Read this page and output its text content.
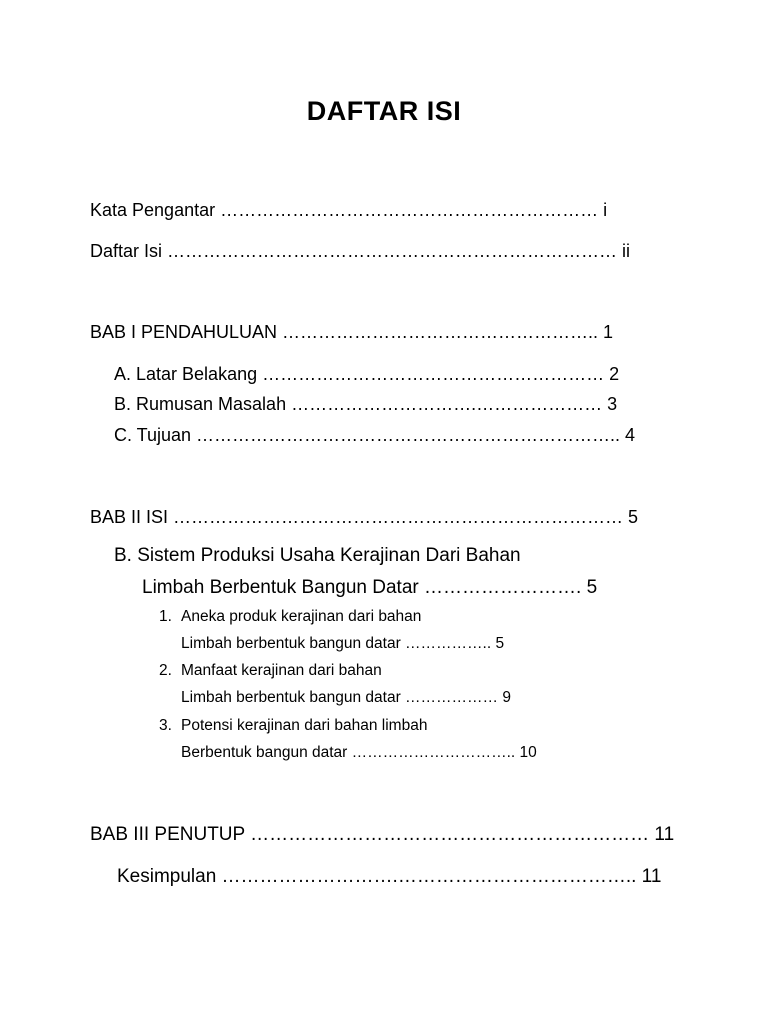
DAFTAR ISI
Kata Pengantar ……………………………………………………… i
Daftar Isi ………………………………………………………………… ii
BAB I PENDAHULUAN …………………………………………….. 1
A. Latar Belakang ………………………………………………… 2
B. Rumusan Masalah ………………………….………………… 3
C. Tujuan …………………………………………………………….. 4
BAB II ISI ………………………………………………………………… 5
B. Sistem Produksi Usaha Kerajinan Dari Bahan
Limbah Berbentuk Bangun Datar ……………………. 5
1. Aneka produk kerajinan dari bahan
Limbah berbentuk bangun datar …………….. 5
2. Manfaat kerajinan dari bahan
Limbah berbentuk bangun datar ……………… 9
3. Potensi kerajinan dari bahan limbah
Berbentuk bangun datar ………………………….. 10
BAB III PENUTUP ……………………………………………………… 11
Kesimpulan ……………………….……………………………….. 11
